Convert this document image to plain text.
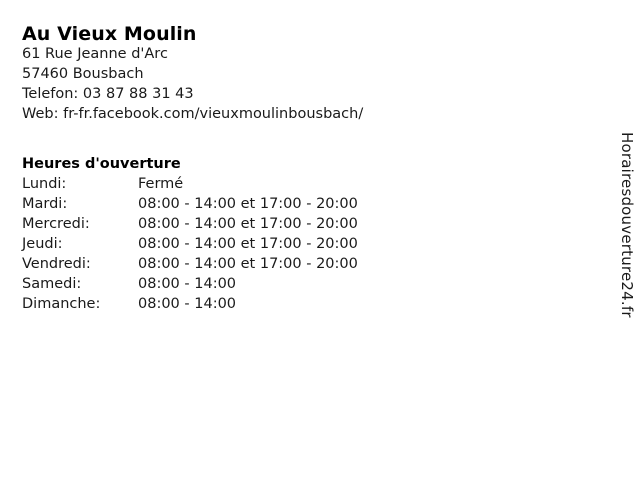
Au Vieux Moulin
61 Rue Jeanne d'Arc
57460 Bousbach
Telefon: 03 87 88 31 43
Web: fr-fr.facebook.com/vieuxmoulinbousbach/
Heures d'ouverture
Lundi:	Fermé
Mardi:	08:00 - 14:00 et 17:00 - 20:00
Mercredi:	08:00 - 14:00 et 17:00 - 20:00
Jeudi:	08:00 - 14:00 et 17:00 - 20:00
Vendredi:	08:00 - 14:00 et 17:00 - 20:00
Samedi:	08:00 - 14:00
Dimanche:	08:00 - 14:00	Horairesdouverture24.fr
